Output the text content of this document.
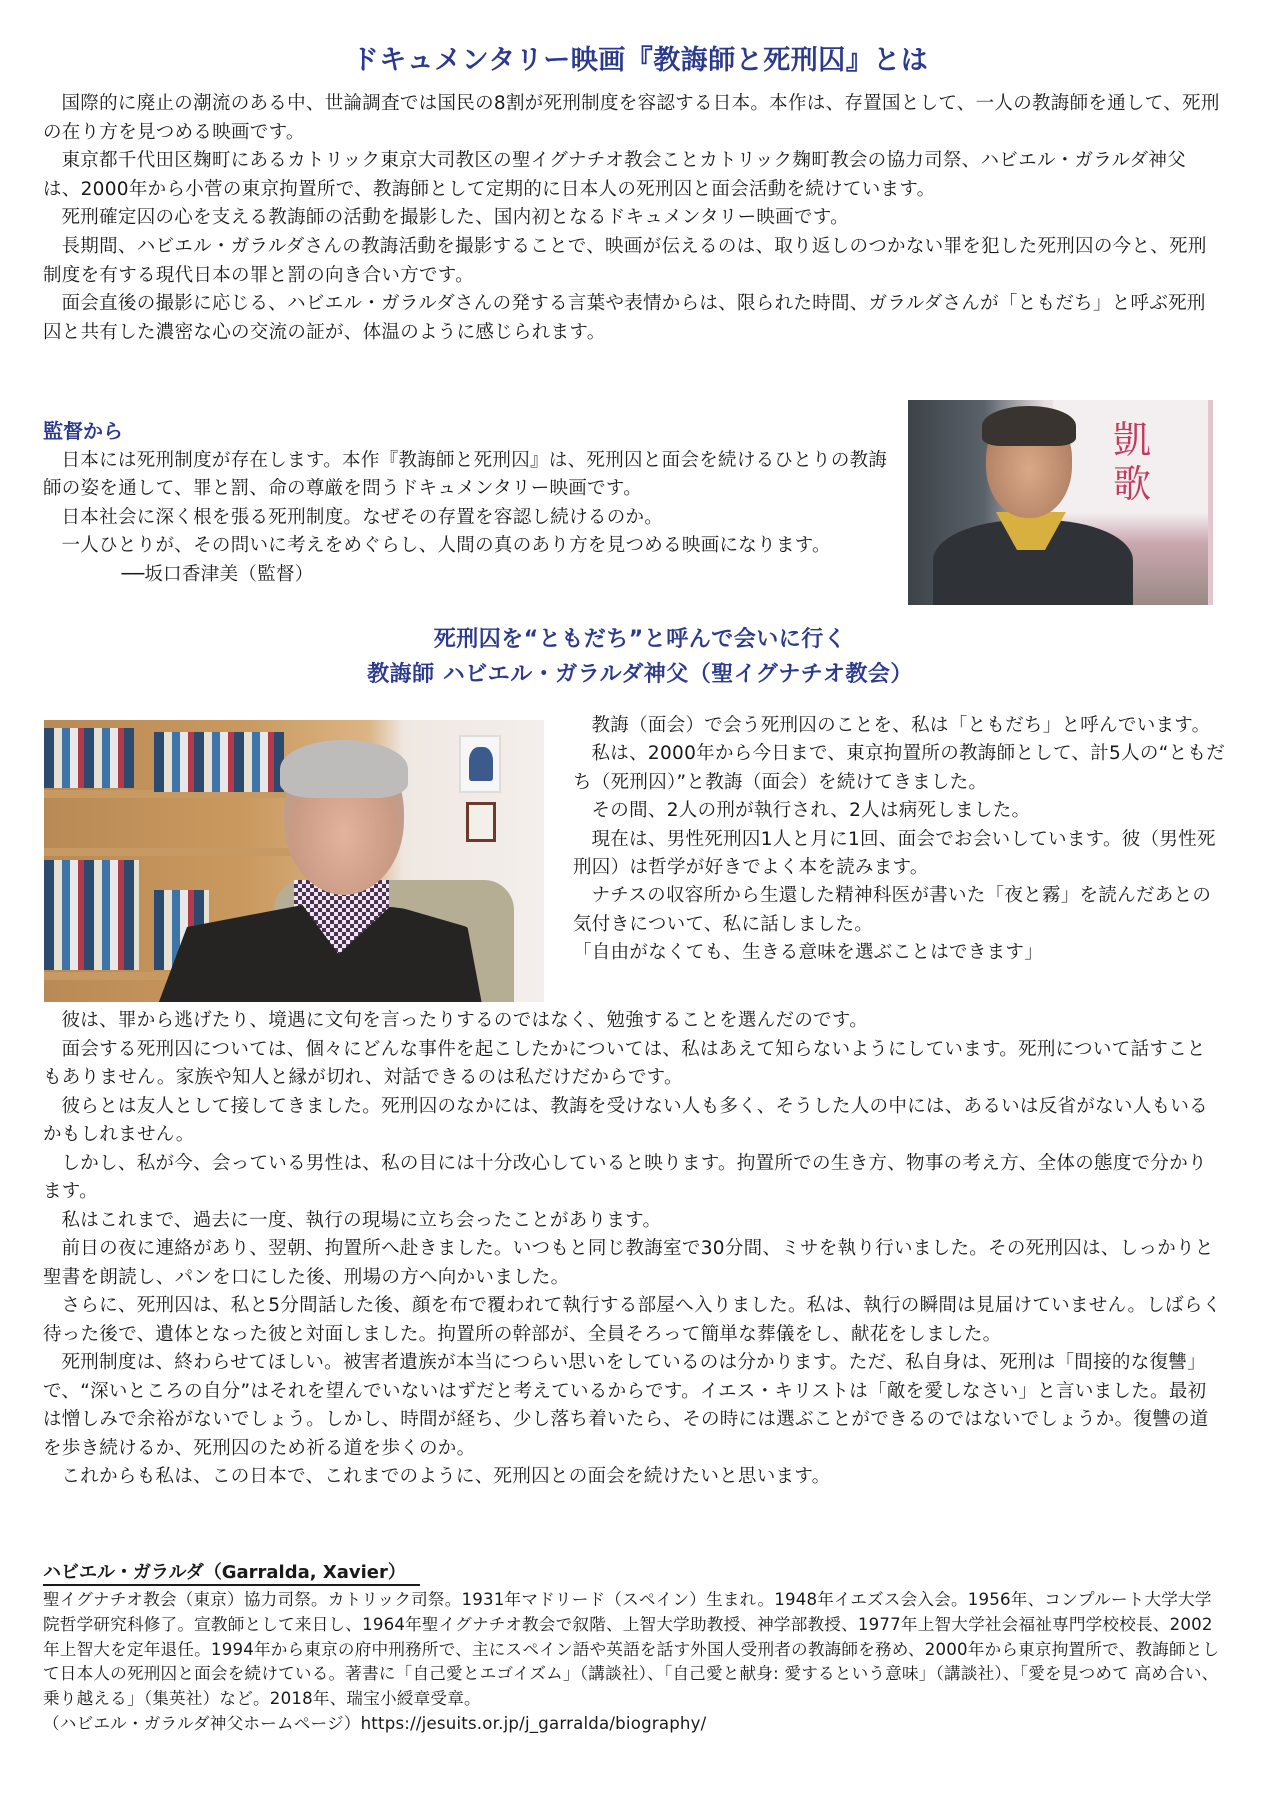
ドキュメンタリー映画『教誨師と死刑囚』とは

国際的に廃止の潮流のある中、世論調査では国民の8割が死刑制度を容認する日本。本作は、存置国として、一人の教誨師を通して、死刑の在り方を見つめる映画です。

東京都千代田区麹町にあるカトリック東京大司教区の聖イグナチオ教会ことカトリック麹町教会の協力司祭、ハビエル・ガラルダ神父は、2000年から小菅の東京拘置所で、教誨師として定期的に日本人の死刑囚と面会活動を続けています。

死刑確定囚の心を支える教誨師の活動を撮影した、国内初となるドキュメンタリー映画です。

長期間、ハビエル・ガラルダさんの教誨活動を撮影することで、映画が伝えるのは、取り返しのつかない罪を犯した死刑囚の今と、死刑制度を有する現代日本の罪と罰の向き合い方です。

面会直後の撮影に応じる、ハビエル・ガラルダさんの発する言葉や表情からは、限られた時間、ガラルダさんが「ともだち」と呼ぶ死刑囚と共有した濃密な心の交流の証が、体温のように感じられます。

監督から

日本には死刑制度が存在します。本作『教誨師と死刑囚』は、死刑囚と面会を続けるひとりの教誨師の姿を通して、罪と罰、命の尊厳を問うドキュメンタリー映画です。

日本社会に深く根を張る死刑制度。なぜその存置を容認し続けるのか。

一人ひとりが、その問いに考えをめぐらし、人間の真のあり方を見つめる映画になります。──坂口香津美（監督）

凱歌
死刑囚を“ともだち”と呼んで会いに行く
教誨師 ハビエル・ガラルダ神父（聖イグナチオ教会）

教誨（面会）で会う死刑囚のことを、私は「ともだち」と呼んでいます。

私は、2000年から今日まで、東京拘置所の教誨師として、計5人の“ともだち（死刑囚）”と教誨（面会）を続けてきました。

その間、2人の刑が執行され、2人は病死しました。

現在は、男性死刑囚1人と月に1回、面会でお会いしています。彼（男性死刑囚）は哲学が好きでよく本を読みます。

ナチスの収容所から生還した精神科医が書いた「夜と霧」を読んだあとの気付きについて、私に話しました。

「自由がなくても、生きる意味を選ぶことはできます」

彼は、罪から逃げたり、境遇に文句を言ったりするのではなく、勉強することを選んだのです。

面会する死刑囚については、個々にどんな事件を起こしたかについては、私はあえて知らないようにしています。死刑について話すこともありません。家族や知人と縁が切れ、対話できるのは私だけだからです。

彼らとは友人として接してきました。死刑囚のなかには、教誨を受けない人も多く、そうした人の中には、あるいは反省がない人もいるかもしれません。

しかし、私が今、会っている男性は、私の目には十分改心していると映ります。拘置所での生き方、物事の考え方、全体の態度で分かります。

私はこれまで、過去に一度、執行の現場に立ち会ったことがあります。

前日の夜に連絡があり、翌朝、拘置所へ赴きました。いつもと同じ教誨室で30分間、ミサを執り行いました。その死刑囚は、しっかりと聖書を朗読し、パンを口にした後、刑場の方へ向かいました。

さらに、死刑囚は、私と5分間話した後、顔を布で覆われて執行する部屋へ入りました。私は、執行の瞬間は見届けていません。しばらく待った後で、遺体となった彼と対面しました。拘置所の幹部が、全員そろって簡単な葬儀をし、献花をしました。

死刑制度は、終わらせてほしい。被害者遺族が本当につらい思いをしているのは分かります。ただ、私自身は、死刑は「間接的な復讐」で、“深いところの自分”はそれを望んでいないはずだと考えているからです。イエス・キリストは「敵を愛しなさい」と言いました。最初は憎しみで余裕がないでしょう。しかし、時間が経ち、少し落ち着いたら、その時には選ぶことができるのではないでしょうか。復讐の道を歩き続けるか、死刑囚のため祈る道を歩くのか。

これからも私は、この日本で、これまでのように、死刑囚との面会を続けたいと思います。

ハビエル・ガラルダ（Garralda, Xavier）
聖イグナチオ教会（東京）協力司祭。カトリック司祭。1931年マドリード（スペイン）生まれ。1948年イエズス会入会。1956年、コンプルート大学大学院哲学研究科修了。宣教師として来日し、1964年聖イグナチオ教会で叙階、上智大学助教授、神学部教授、1977年上智大学社会福祉専門学校校長、2002年上智大を定年退任。1994年から東京の府中刑務所で、主にスペイン語や英語を話す外国人受刑者の教誨師を務め、2000年から東京拘置所で、教誨師として日本人の死刑囚と面会を続けている。著書に「自己愛とエゴイズム」（講談社）、「自己愛と献身: 愛するという意味」（講談社）、「愛を見つめて 高め合い、乗り越える」（集英社）など。2018年、瑞宝小綬章受章。
（ハビエル・ガラルダ神父ホームページ）https://jesuits.or.jp/j_garralda/biography/
